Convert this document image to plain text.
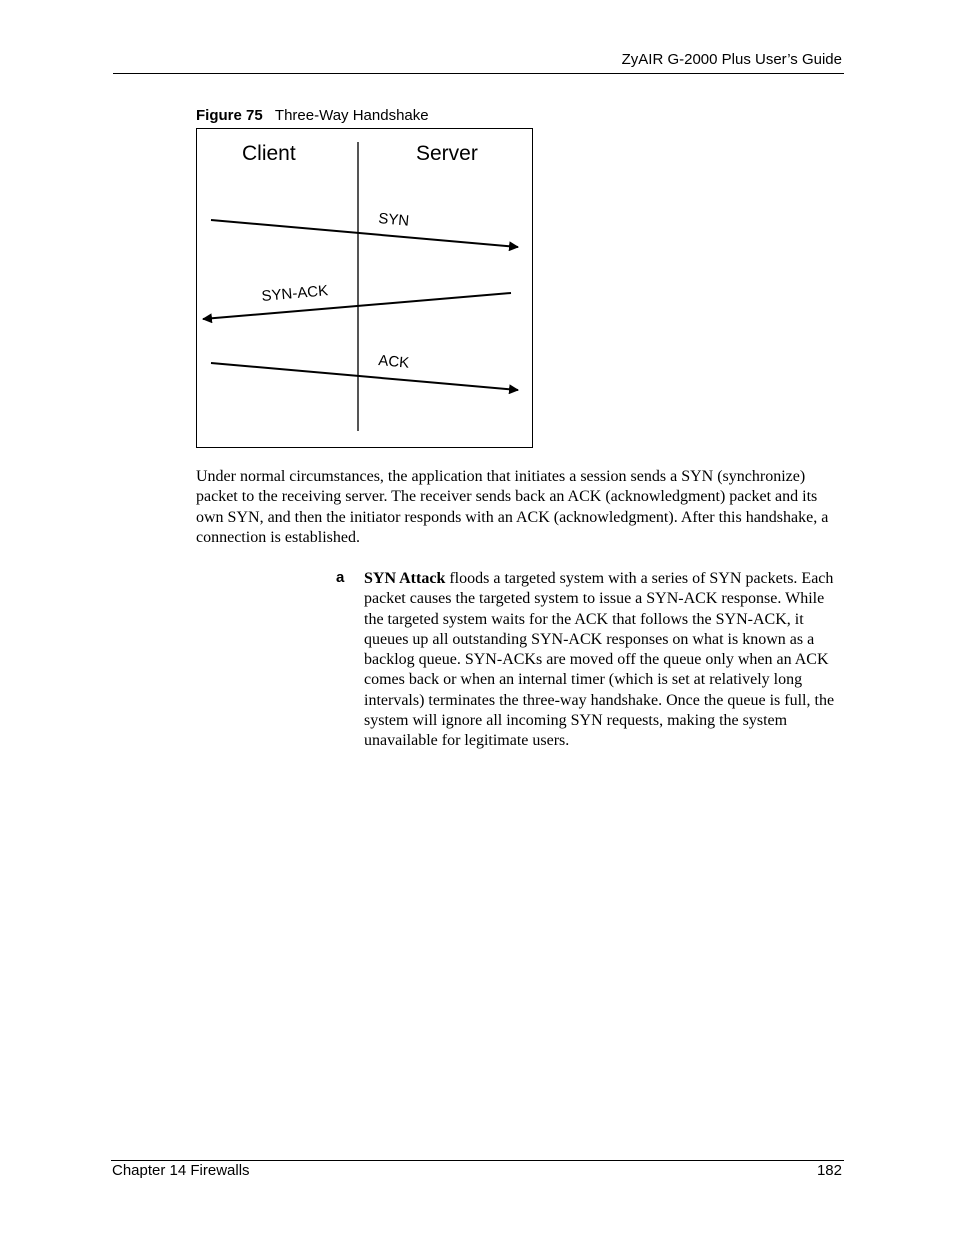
ZyAIR G-2000 Plus User’s Guide
Figure 75 Three-Way Handshake
Client	Server
SYN
SYN-ACK
ACK

Under normal circumstances, the application that initiates a session sends a SYN (synchronize) packet to the receiving server. The receiver sends back an ACK (acknowledgment) packet and its own SYN, and then the initiator responds with an ACK (acknowledgment). After this handshake, a connection is established.

a SYN Attack floods a targeted system with a series of SYN packets. Each packet causes the targeted system to issue a SYN-ACK response. While the targeted system waits for the ACK that follows the SYN-ACK, it queues up all outstanding SYN-ACK responses on what is known as a backlog queue. SYN-ACKs are moved off the queue only when an ACK comes back or when an internal timer (which is set at relatively long intervals) terminates the three-way handshake. Once the queue is full, the system will ignore all incoming SYN requests, making the system unavailable for legitimate users.

Chapter 14 Firewalls	182
